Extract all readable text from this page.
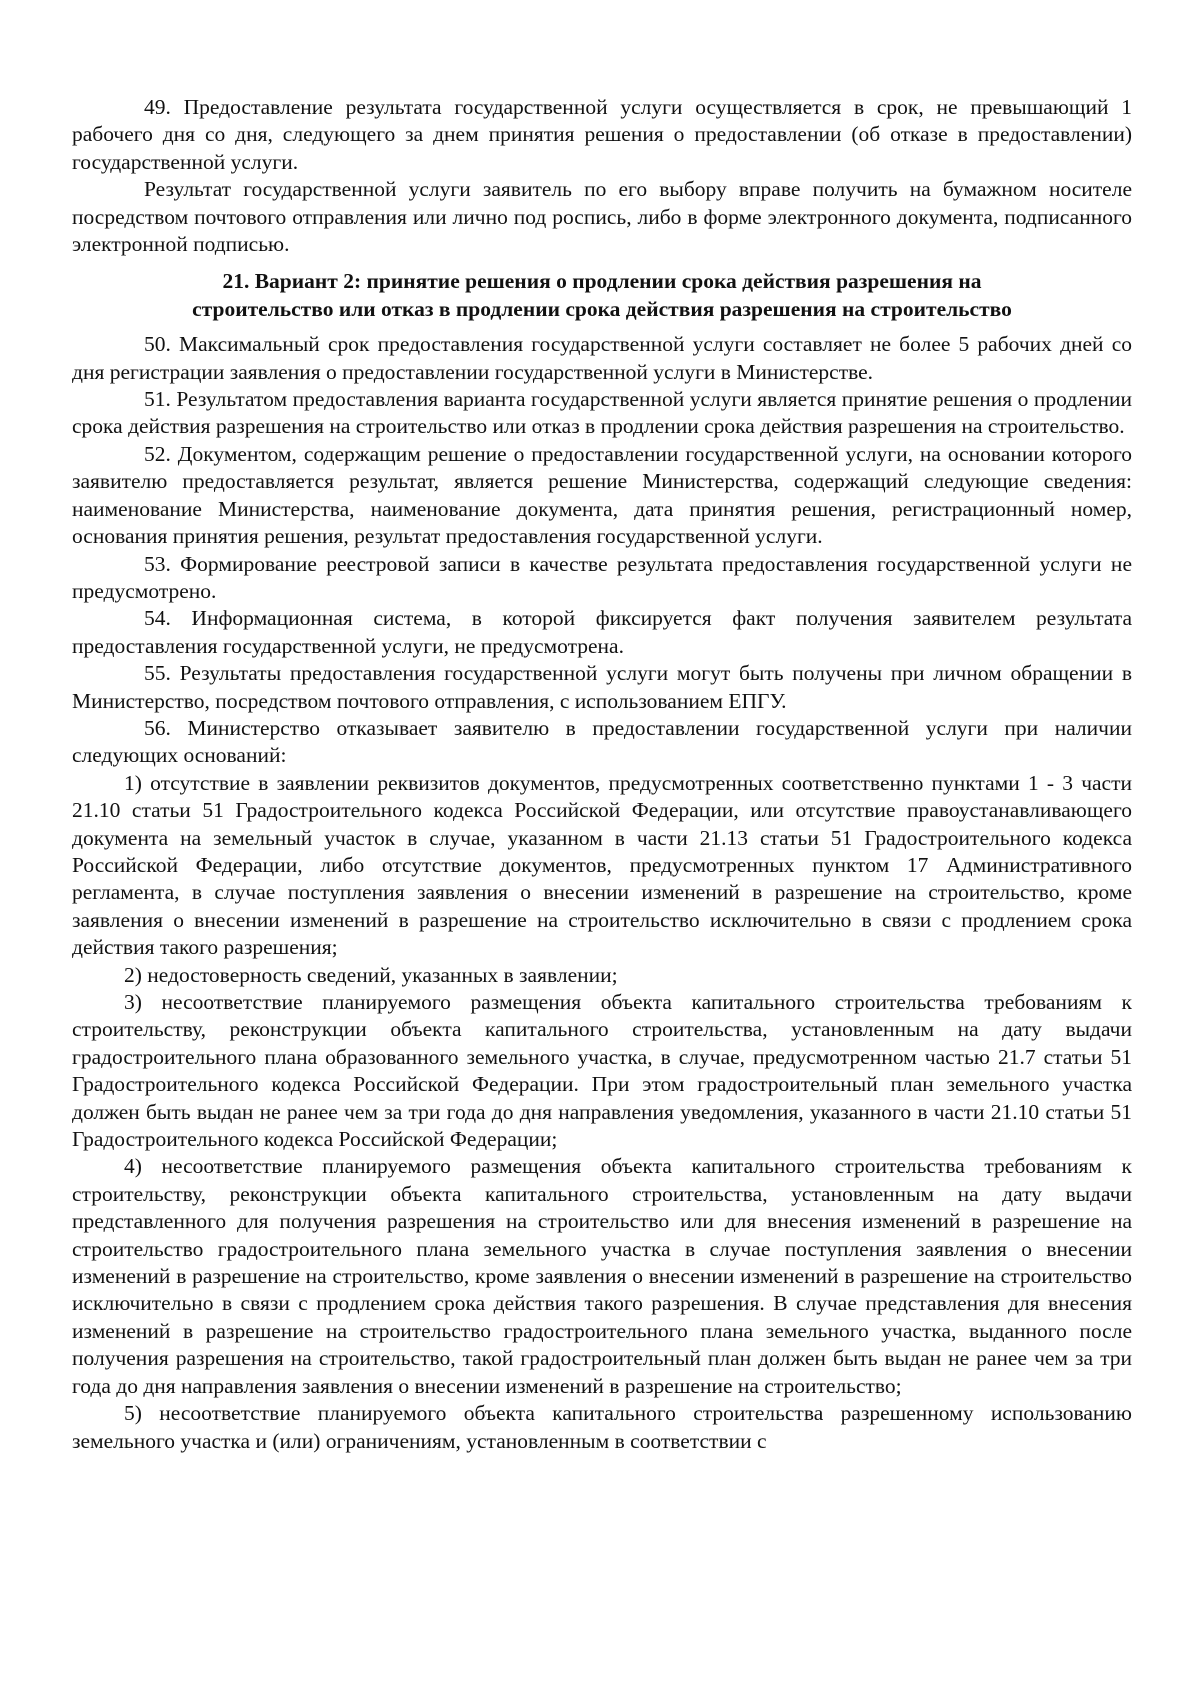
49. Предоставление результата государственной услуги осуществляется в срок, не превышающий 1 рабочего дня со дня, следующего за днем принятия решения о предоставлении (об отказе в предоставлении) государственной услуги.

Результат государственной услуги заявитель по его выбору вправе получить на бумажном носителе посредством почтового отправления или лично под роспись, либо в форме электронного документа, подписанного электронной подписью.

21. Вариант 2: принятие решения о продлении срока действия разрешения на
строительство или отказ в продлении срока действия разрешения на строительство

50. Максимальный срок предоставления государственной услуги составляет не более 5 рабочих дней со дня регистрации заявления о предоставлении государственной услуги в Министерстве.

51. Результатом предоставления варианта государственной услуги является принятие решения о продлении срока действия разрешения на строительство или отказ в продлении срока действия разрешения на строительство.

52. Документом, содержащим решение о предоставлении государственной услуги, на основании которого заявителю предоставляется результат, является решение Министерства, содержащий следующие сведения: наименование Министерства, наименование документа, дата принятия решения, регистрационный номер, основания принятия решения, результат предоставления государственной услуги.

53. Формирование реестровой записи в качестве результата предоставления государственной услуги не предусмотрено.

54. Информационная система, в которой фиксируется факт получения заявителем результата предоставления государственной услуги, не предусмотрена.

55. Результаты предоставления государственной услуги могут быть получены при личном обращении в Министерство, посредством почтового отправления, с использованием ЕПГУ.

56. Министерство отказывает заявителю в предоставлении государственной услуги при наличии следующих оснований:

1) отсутствие в заявлении реквизитов документов, предусмотренных соответственно пунктами 1 - 3 части 21.10 статьи 51 Градостроительного кодекса Российской Федерации, или отсутствие правоустанавливающего документа на земельный участок в случае, указанном в части 21.13 статьи 51 Градостроительного кодекса Российской Федерации, либо отсутствие документов, предусмотренных пунктом 17 Административного регламента, в случае поступления заявления о внесении изменений в разрешение на строительство, кроме заявления о внесении изменений в разрешение на строительство исключительно в связи с продлением срока действия такого разрешения;

2) недостоверность сведений, указанных в заявлении;

3) несоответствие планируемого размещения объекта капитального строительства требованиям к строительству, реконструкции объекта капитального строительства, установленным на дату выдачи градостроительного плана образованного земельного участка, в случае, предусмотренном частью 21.7 статьи 51 Градостроительного кодекса Российской Федерации. При этом градостроительный план земельного участка должен быть выдан не ранее чем за три года до дня направления уведомления, указанного в части 21.10 статьи 51 Градостроительного кодекса Российской Федерации;

4) несоответствие планируемого размещения объекта капитального строительства требованиям к строительству, реконструкции объекта капитального строительства, установленным на дату выдачи представленного для получения разрешения на строительство или для внесения изменений в разрешение на строительство градостроительного плана земельного участка в случае поступления заявления о внесении изменений в разрешение на строительство, кроме заявления о внесении изменений в разрешение на строительство исключительно в связи с продлением срока действия такого разрешения. В случае представления для внесения изменений в разрешение на строительство градостроительного плана земельного участка, выданного после получения разрешения на строительство, такой градостроительный план должен быть выдан не ранее чем за три года до дня направления заявления о внесении изменений в разрешение на строительство;

5) несоответствие планируемого объекта капитального строительства разрешенному использованию земельного участка и (или) ограничениям, установленным в соответствии с
